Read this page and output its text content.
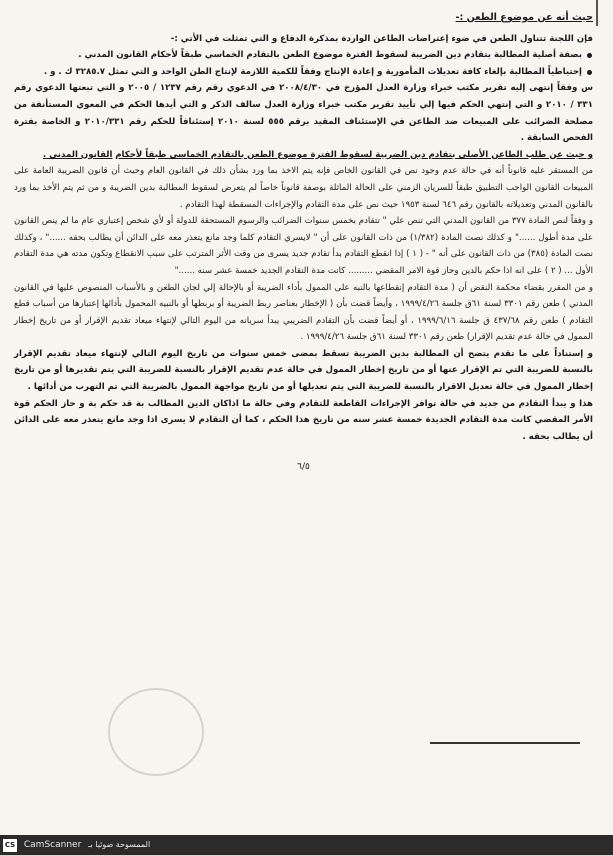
حيث أنه عن موضوع الطعن :-

فإن اللجنة تتناول الطعن في ضوء إعتراضات الطاعن الواردة بمذكرة الدفاع و التي تمثلت في الأتي :-

بصفة أصلية المطالبة بتقادم دين الضريبة لسقوط الفترة موضوع الطعن بالتقادم الخماسي طبقاً لأحكام القانون المدني .

إحتياطياً المطالبة بإلغاء كافة تعديلات المأمورية و إعادة الإنتاج وفقاً للكمية اللازمة لإنتاج الطن الواحد و التي تمثل ٣٢٨٥.٧ ك . و .

س وفقاً إنتهى إليه تقرير مكتب خبراء وزارة العدل المؤرخ في ٢٠٠٨/٤/٣٠ في الدعوي رقم رقم ١٢٣٧ / ٢٠٠٥ و التي تبعتها الدعوي رقم ٣٣١ / ٢٠١٠ و التي إنتهي الحكم فيها إلي تأييد تقرير مكتب خبراء وزارة العدل سالف الذكر و التي أيدها الحكم في المعوي المستأنفة من مصلحة الضرائب على المبيعات ضد الطاعن في الإستئناف المقيد برقم ٥٥٥ لسنة ٢٠١٠ إستئنافاً للحكم رقم ٢٠١٠/٣٣١ و الخاصة بفترة الفحص السابقة .

و حيث عن طلب الطاعن الأصلي بتقادم دين الضريبة لسقوط الفترة موضوع الطعن بالتقادم الخماسي طبقاً لأحكام القانون المدني .

من المستقر عليه قانوناً أنه في حالة عدم وجود نص في القانون الخاص فإنه يتم الاخذ بما ورد بشأن ذلك في القانون العام وحيث أن قانون الضريبة العامة على المبيعات القانون الواجب التطبيق طبقاً للسريان الزمني على الحالة الماثلة بوصفة قانوناً خاصاً لم يتعرض لسقوط المطالبة بدين الضريبة و من ثم يتم الأخذ بما ورد بالقانون المدني وتعديلاته بالقانون رقم ٦٤٦ لسنة ١٩٥٣ حيث نص على مدة التقادم والإجراءات المسقطة لهذا التقادم .

و وفقاً لنص المادة ٣٧٧ من القانون المدني التي تنص علي " تتقادم بخمس سنوات الضرائب والرسوم المستحقة للدولة أو لأي شخص إعتباري عام ما لم ينص القانون على مدة أطول ......" و كذلك نصت المادة (١/٣٨٢) من ذات القانون على أن " لايسري التقادم كلما وجد مانع يتعذر معه على الدائن أن يطالب بحقه ......" ، وكذلك نصت المادة (٣٨٥) من ذات القانون على أنه " - ( ١ ) إذا انقطع التقادم بدأ تقادم جديد يسرى من وقت الأثر المترتب على سبب الانقطاع وتكون مدته هي مدة التقادم الأول ... ( ٢ ) على انه اذا حكم بالدين وحاز قوة الامر المقضي ......... كانت مدة التقادم الجديد خمسة عشر سنه ......"

و من المقرر بقضاء محكمة النقض أن ( مدة التقادم إنقطاعها بالنبه على الممول بأداء الضريبة أو بالإحالة إلي لجان الطعن و بالأسباب المنصوص عليها في القانون المدني ) طعن رقم ٣٣٠١ لسنة ٦١ق جلسة ١٩٩٩/٤/٢٦ ، وأيضاً قضت بأن ( الإخطار بعناصر ربط الضريبة أو بربطها أو بالنبيه المحمول بأدائها إعتبارها من أسباب قطع التقادم ) طعن رقم ٤٣٧/٦٨ ق جلسة ١٩٩٩/٦/١٦ ، أو أيضاً قضت بأن التقادم الضريبي يبدأ سريانه من اليوم التالي لإنتهاء ميعاد تقديم الإقرار أو من تاريخ إخطار الممول في حالة عدم تقديم الإقرار) طعن رقم ٣٣٠١ لسنة ٦١ق جلسة ١٩٩٩/٤/٢٦ .

و إستناداً على ما تقدم يتضح أن المطالبة بدين الضريبة تسقط بمضى خمس سنوات من تاريخ اليوم التالي لإنتهاء ميعاد تقديم الإقرار بالنسبة للضريبة التي تم الإقرار عنها أو من تاريخ إخطار الممول في حالة عدم تقديم الإقرار بالنسبة للضريبة التي يتم تقديرها أو من تاريخ إخطار الممول في حالة تعديل الاقرار بالنسبة للضريبة التي يتم تعديلها أو من تاريخ مواجهة الممول بالضريبة التي تم التهرب من أدائها .

هذا و يبدأ التقادم من جديد في حالة توافر الإجراءات القاطعة للتقادم وفي حالة ما اذاكان الدين المطالب بة قد حكم بة و حاز الحكم قوة الأمر المقضي كانت مدة التقادم الجديدة خمسة عشر سنه من تاريخ هذا الحكم ، كما أن التقادم لا يسرى اذا وجد مانع يتعذر معه على الدائن أن يطالب بحقه .

٦/٥
CS CamScanner الممسوحة ضوئيا بـ
